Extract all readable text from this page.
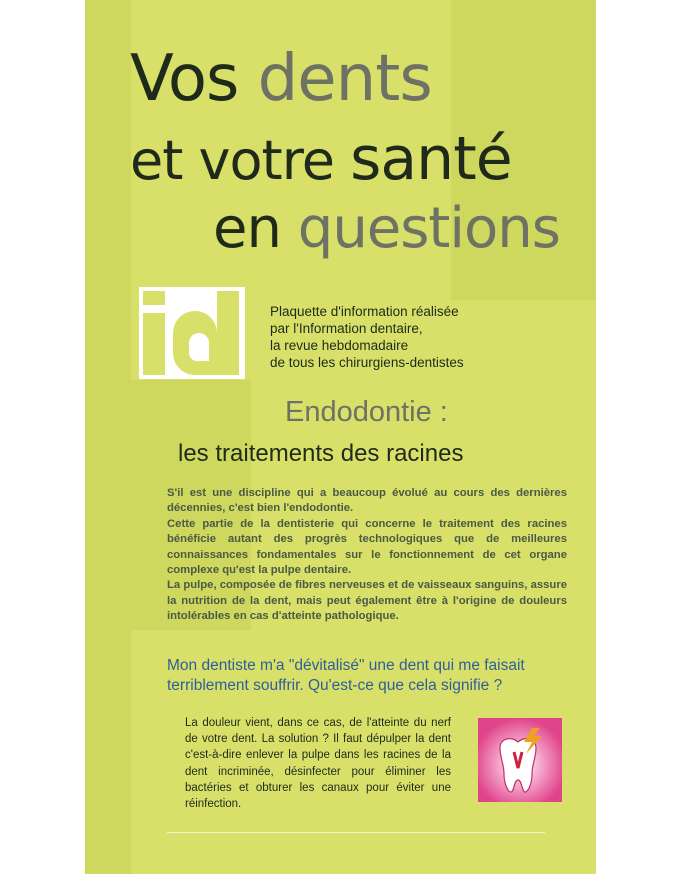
Vos dents
et votre santé
en questions
Plaquette d'information réalisée
par l'Information dentaire,
la revue hebdomadaire
de tous les chirurgiens-dentistes
Endodontie :
les traitements des racines

S'il est une discipline qui a beaucoup évolué au cours des dernières décennies, c'est bien l'endodontie.

Cette partie de la dentisterie qui concerne le traitement des racines bénéficie autant des progrès technologiques que de meilleures connaissances fondamentales sur le fonctionnement de cet organe complexe qu'est la pulpe dentaire.

La pulpe, composée de fibres nerveuses et de vaisseaux sanguins, assure la nutrition de la dent, mais peut également être à l'origine de douleurs intolérables en cas d'atteinte pathologique.

Mon dentiste m'a "dévitalisé" une dent qui me faisait terriblement souffrir. Qu'est-ce que cela signifie ?
La douleur vient, dans ce cas, de l'atteinte du nerf de votre dent. La solution ? Il faut dépulper la dent c'est-à-dire enlever la pulpe dans les racines de la dent incriminée, désinfecter pour éliminer les bactéries et obturer les canaux pour éviter une réinfection.
